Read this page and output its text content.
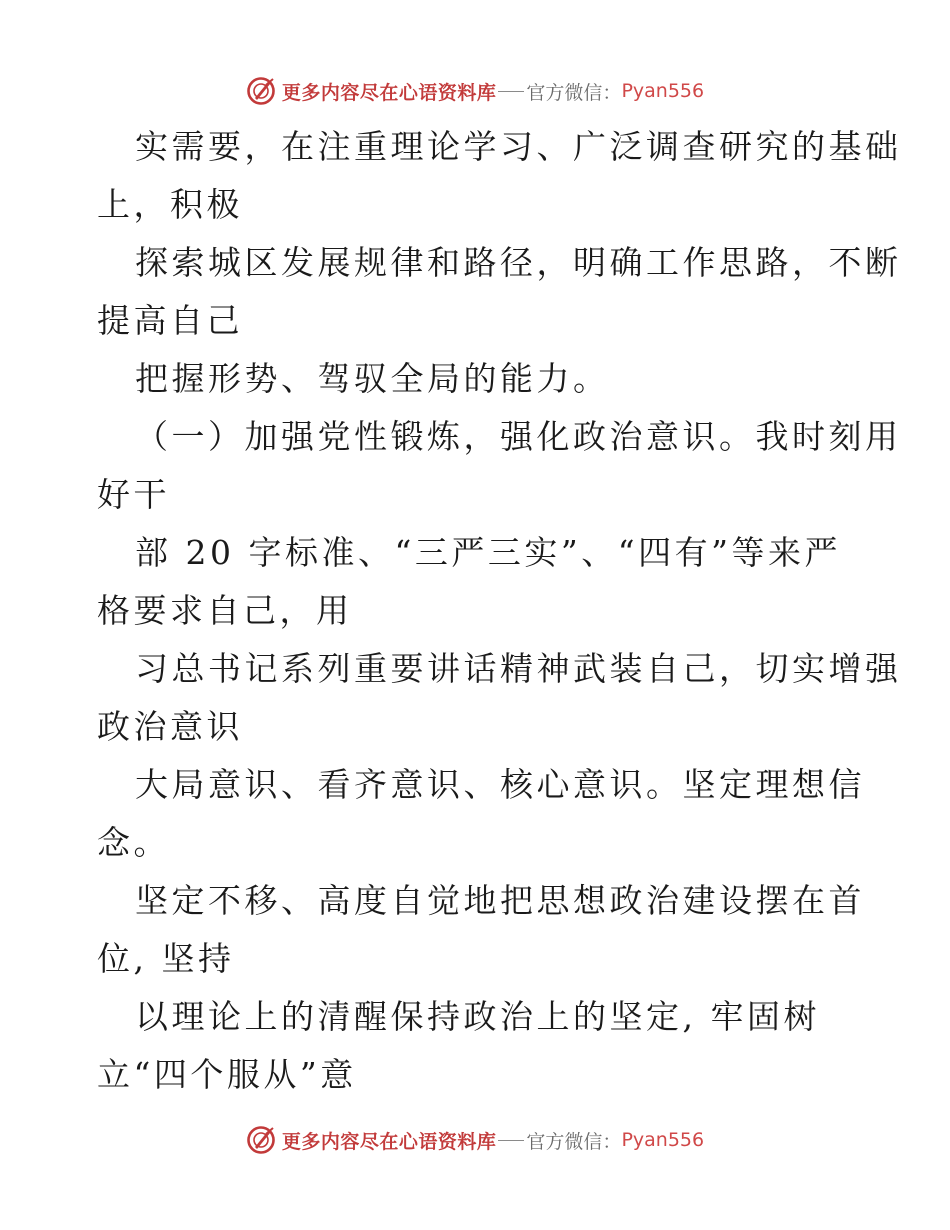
更多内容尽在心语资料库 官方微信： Pyan556
实需要，在注重理论学习、广泛调查研究的基础
上，积极
探索城区发展规律和路径，明确工作思路，不断
提高自己
把握形势、驾驭全局的能力。
（一）加强党性锻炼，强化政治意识。我时刻用
好干
部 20 字标准、“三严三实”、“四有”等来严
格要求自己，用
习总书记系列重要讲话精神武装自己，切实增强
政治意识
大局意识、看齐意识、核心意识。坚定理想信
念。
坚定不移、高度自觉地把思想政治建设摆在首
位, 坚持
以理论上的清醒保持政治上的坚定, 牢固树
立“四个服从”意
更多内容尽在心语资料库 官方微信： Pyan556
